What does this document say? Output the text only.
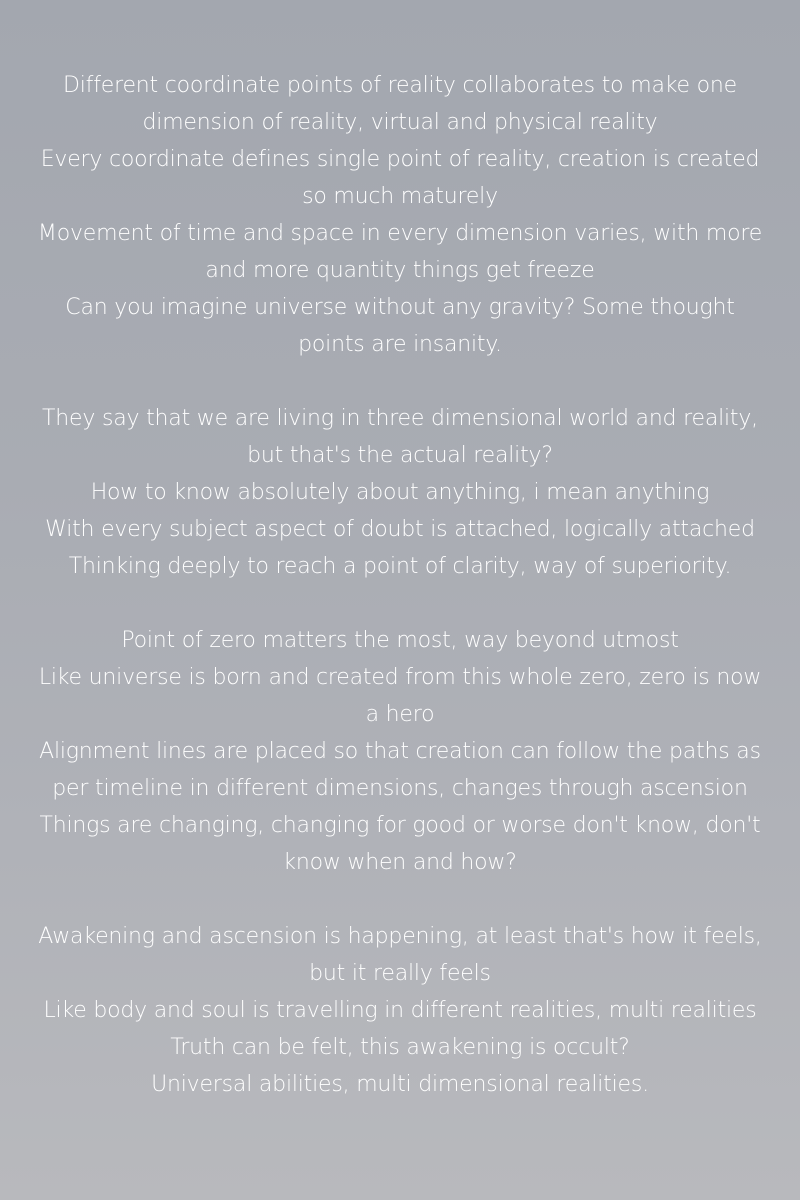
Different coordinate points of reality collaborates to make one dimension of reality, virtual and physical reality
Every coordinate defines single point of reality, creation is created so much maturely
Movement of time and space in every dimension varies, with more and more quantity things get freeze
Can you imagine universe without any gravity? Some thought points are insanity.
They say that we are living in three dimensional world and reality, but that's the actual reality?
How to know absolutely about anything, i mean anything
With every subject aspect of doubt is attached, logically attached
Thinking deeply to reach a point of clarity, way of superiority.
Point of zero matters the most, way beyond utmost
Like universe is born and created from this whole zero, zero is now a hero
Alignment lines are placed so that creation can follow the paths as per timeline in different dimensions, changes through ascension
Things are changing, changing for good or worse don't know, don't know when and how?
Awakening and ascension is happening, at least that's how it feels, but it really feels
Like body and soul is travelling in different realities, multi realities
Truth can be felt, this awakening is occult?
Universal abilities, multi dimensional realities.
